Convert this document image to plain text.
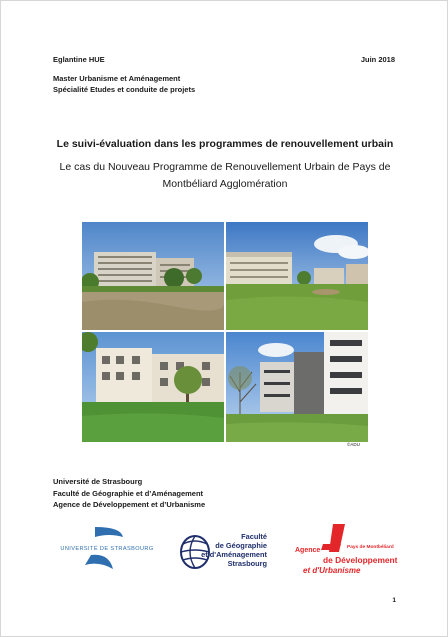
Eglantine HUE	Juin 2018
Master Urbanisme et Aménagement
Spécialité Etudes et conduite de projets
Le suivi-évaluation dans les programmes de renouvellement urbain
Le cas du Nouveau Programme de Renouvellement Urbain de Pays de
Montbéliard Agglomération
©ADU
Université de Strasbourg
Faculté de Géographie et d’Aménagement
Agence de Développement et d’Urbanisme
UNIVERSITÉ DE STRASBOURG
Faculté
de Géographie
et d'Aménagement
Strasbourg
Pays de Montbéliard
Agence
de Développement
et d'Urbanisme
1
